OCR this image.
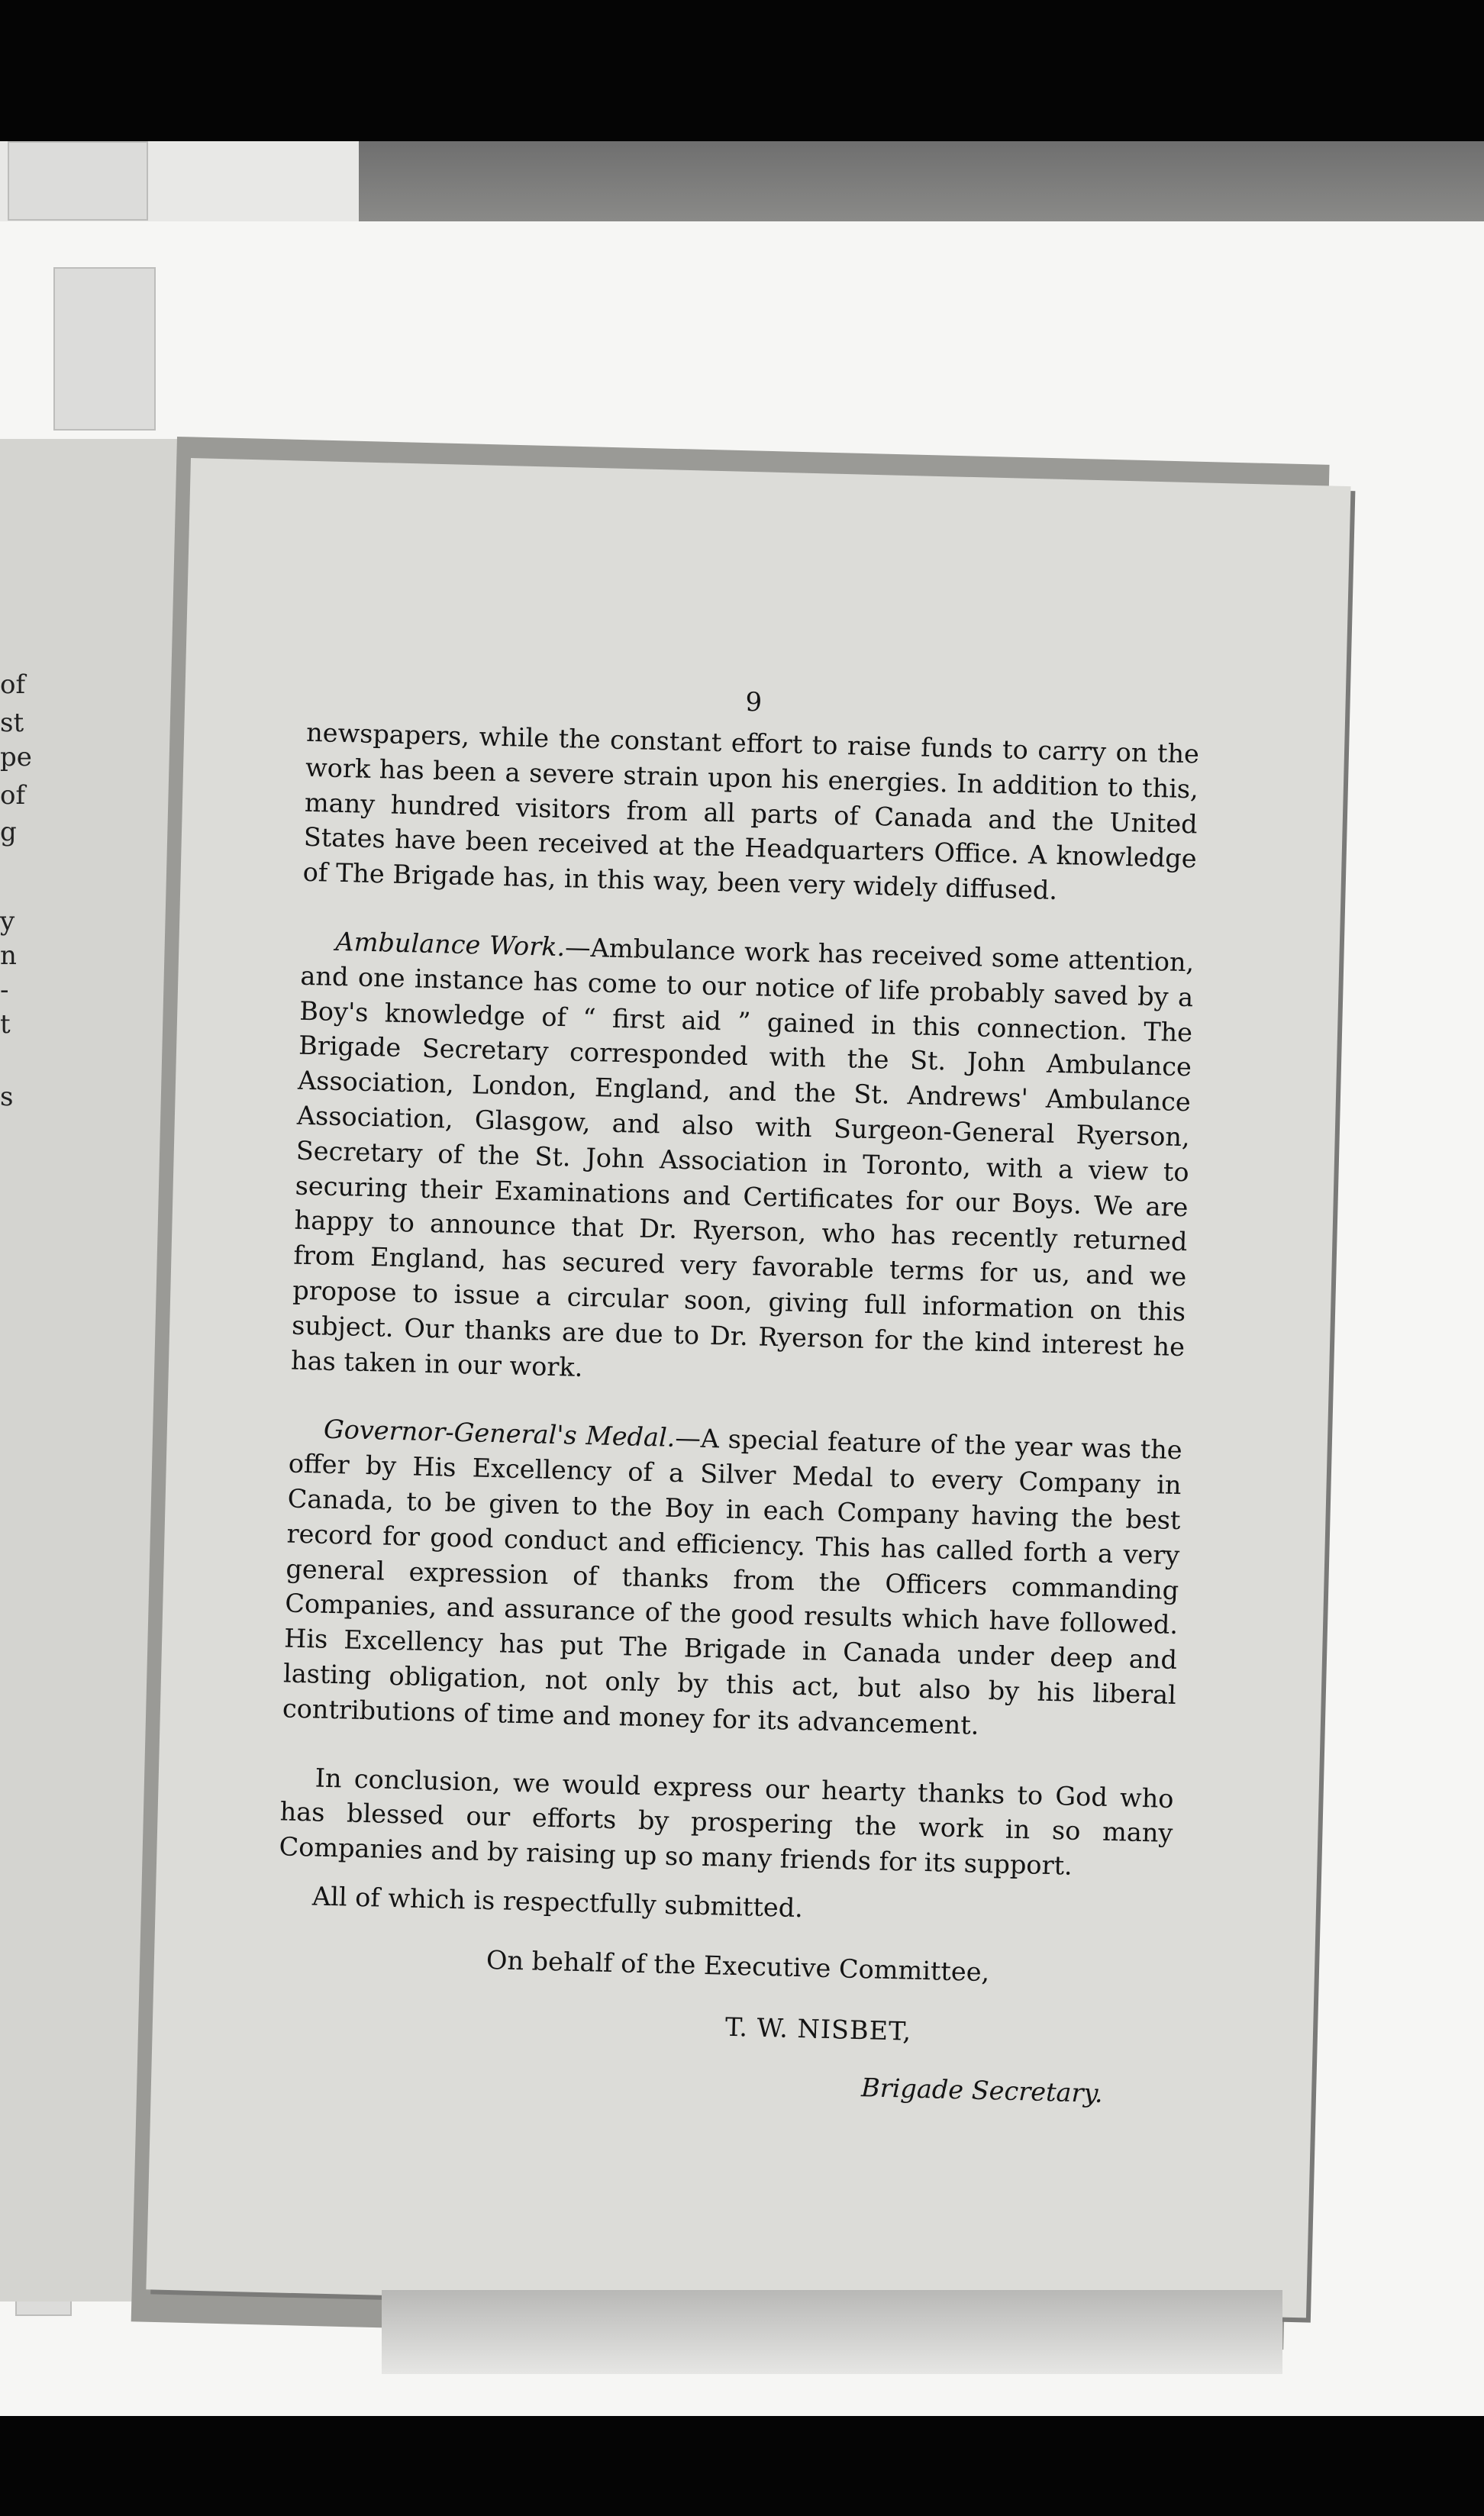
of
st
pe
of
g
y
n
-
t
s

9

newspapers, while the constant effort to raise funds to carry on the work has been a severe strain upon his energies. In addition to this, many hundred visitors from all parts of Canada and the United States have been received at the Headquarters Office. A knowledge of The Brigade has, in this way, been very widely diffused.

Ambulance Work.—Ambulance work has received some attention, and one instance has come to our notice of life probably saved by a Boy's knowledge of “ first aid ” gained in this connection. The Brigade Secretary corresponded with the St. John Ambulance Association, London, England, and the St. Andrews' Ambulance Association, Glasgow, and also with Surgeon-General Ryerson, Secretary of the St. John Association in Toronto, with a view to securing their Examinations and Certificates for our Boys. We are happy to announce that Dr. Ryerson, who has recently returned from England, has secured very favorable terms for us, and we propose to issue a circular soon, giving full information on this subject. Our thanks are due to Dr. Ryerson for the kind interest he has taken in our work.

Governor-General's Medal.—A special feature of the year was the offer by His Excellency of a Silver Medal to every Company in Canada, to be given to the Boy in each Company having the best record for good conduct and efficiency. This has called forth a very general expression of thanks from the Officers commanding Companies, and assurance of the good results which have followed. His Excellency has put The Brigade in Canada under deep and lasting obligation, not only by this act, but also by his liberal contributions of time and money for its advancement.

In conclusion, we would express our hearty thanks to God who has blessed our efforts by prospering the work in so many Companies and by raising up so many friends for its support.

All of which is respectfully submitted.

On behalf of the Executive Committee,

T. W. NISBET,

Brigade Secretary.
